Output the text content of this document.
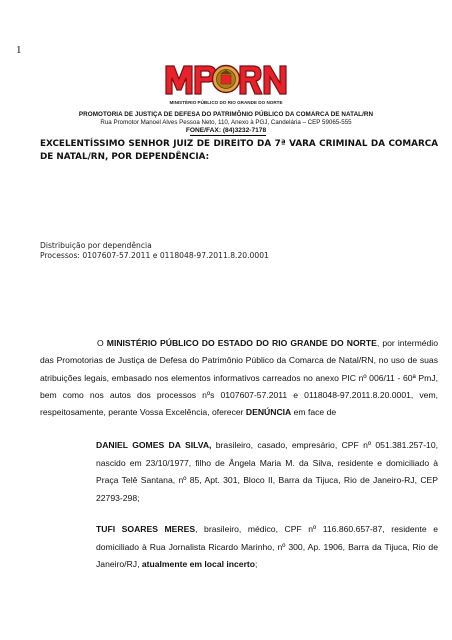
1
MINISTÉRIO PÚBLICO DO RIO GRANDE DO NORTE
PROMOTORIA DE JUSTIÇA DE DEFESA DO PATRIMÔNIO PÚBLICO DA COMARCA DE NATAL/RN
Rua Promotor Manoel Alves Pessoa Neto, 110, Anexo à PGJ, Candelária – CEP 59065-555
FONE/FAX: (84)3232-7178
EXCELENTÍSSIMO SENHOR JUIZ DE DIREITO DA 7ª VARA CRIMINAL DA COMARCA DE NATAL/RN, POR DEPENDÊNCIA:
Distribuição por dependência
Processos: 0107607-57.2011 e 0118048-97.2011.8.20.0001
O MINISTÉRIO PÚBLICO DO ESTADO DO RIO GRANDE DO NORTE, por intermédio das Promotorias de Justiça de Defesa do Patrimônio Público da Comarca de Natal/RN, no uso de suas atribuições legais, embasado nos elementos informativos carreados no anexo PIC nº 006/11 - 60ª PmJ, bem como nos autos dos processos nºs 0107607-57.2011 e 0118048-97.2011.8.20.0001, vem, respeitosamente, perante Vossa Excelência, oferecer DENÚNCIA em face de
DANIEL GOMES DA SILVA, brasileiro, casado, empresário, CPF nº 051.381.257-10, nascido em 23/10/1977, filho de Ângela Maria M. da Silva, residente e domiciliado à Praça Telê Santana, nº 85, Apt. 301, Bloco II, Barra da Tijuca, Rio de Janeiro-RJ, CEP 22793-298;
TUFI SOARES MERES, brasileiro, médico, CPF nº 116.860.657-87, residente e domiciliado à Rua Jornalista Ricardo Marinho, nº 300, Ap. 1906, Barra da Tijuca, Rio de Janeiro/RJ, atualmente em local incerto;
